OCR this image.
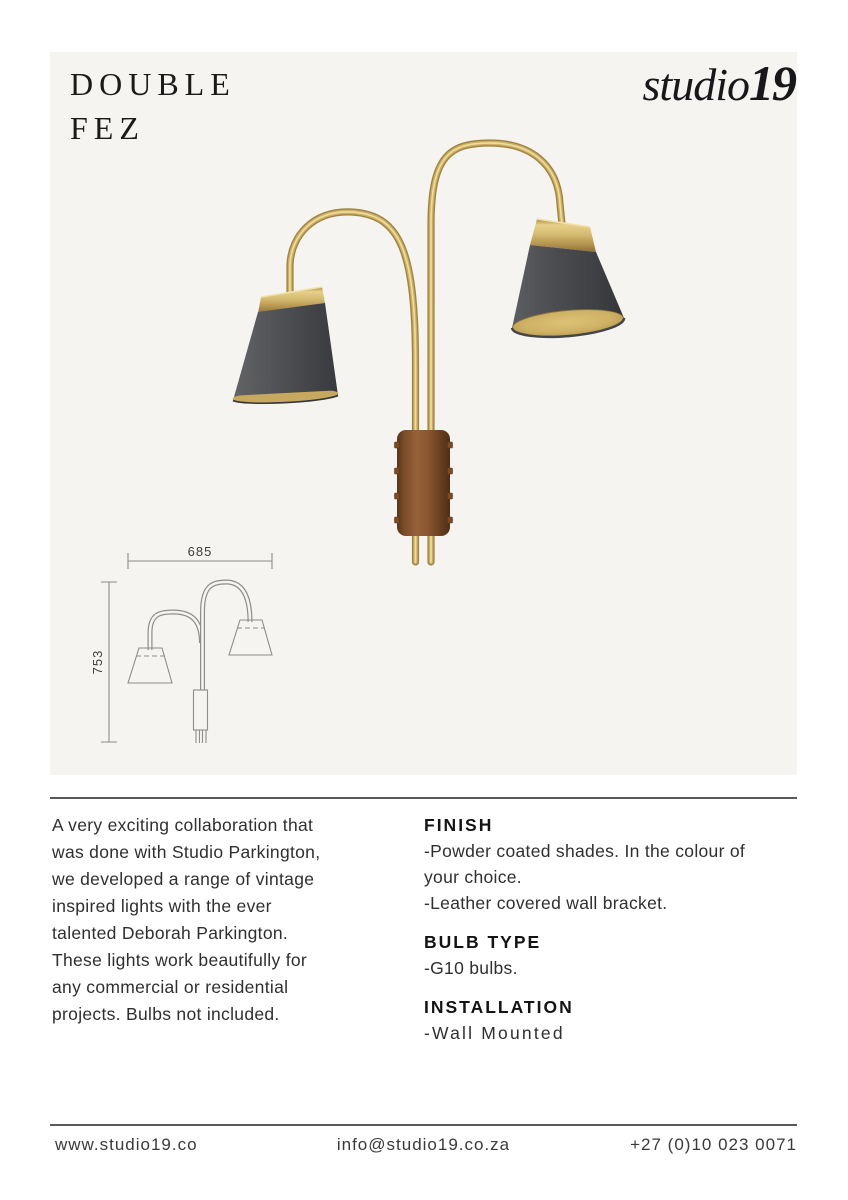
DOUBLE
FEZ
studio19
685
753
A very exciting collaboration that
was done with Studio Parkington,
we developed a range of vintage
inspired lights with the ever
talented Deborah Parkington.
These lights work beautifully for
any commercial or residential
projects. Bulbs not included.
FINISH
-Powder coated shades. In the colour of
your choice.
-Leather covered wall bracket.
BULB TYPE
-G10 bulbs.
INSTALLATION
-Wall Mounted
www.studio19.co	info@studio19.co.za	+27 (0)10 023 0071
